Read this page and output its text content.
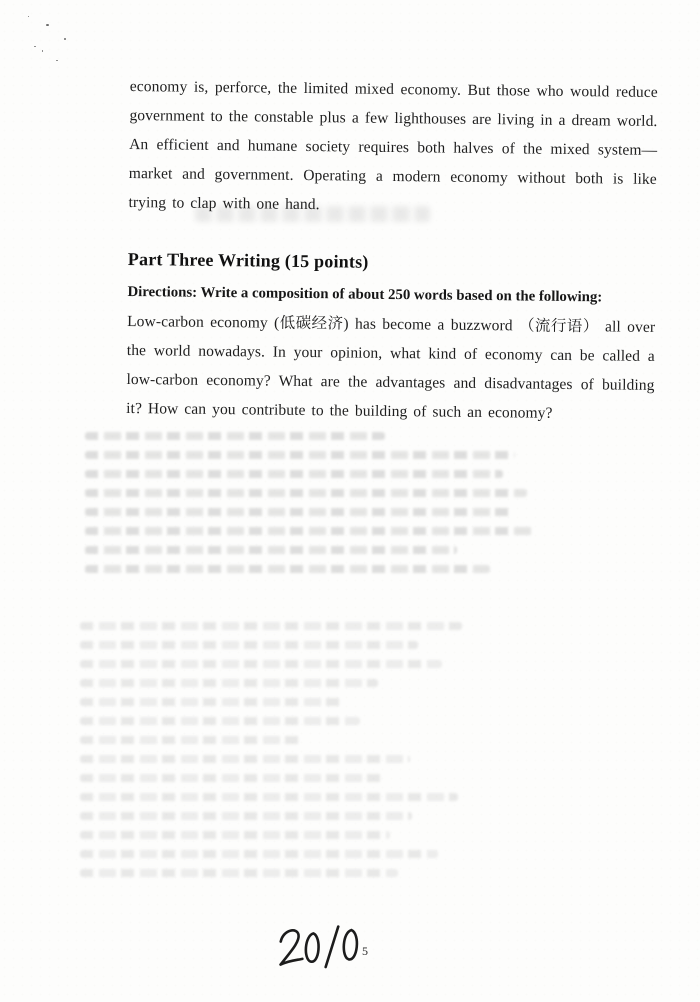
economy is, perforce, the limited mixed economy. But those who would reduce government to the constable plus a few lighthouses are living in a dream world. An efficient and humane society requires both halves of the mixed system—market and government. Operating a modern economy without both is like trying to clap with one hand.

Part Three Writing (15 points)

Directions: Write a composition of about 250 words based on the following:

Low-carbon economy (低碳经济) has become a buzzword （流行语） all over the world nowadays. In your opinion, what kind of economy can be called a low-carbon economy? What are the advantages and disadvantages of building it? How can you contribute to the building of such an economy?

5
